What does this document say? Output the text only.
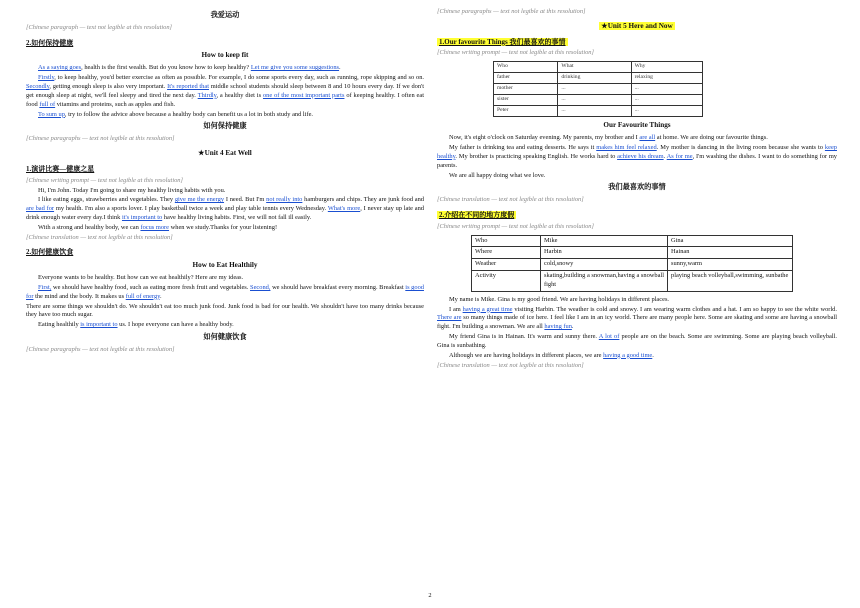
我爱运动

[Chinese paragraph — text not legible at this resolution]

2.如何保持健康
How to keep fit

As a saying goes, health is the first wealth. But do you know how to keep healthy? Let me give you some suggestions.

Firstly, to keep healthy, you'd better exercise as often as possible. For example, I do some sports every day, such as running, rope skipping and so on. Secondly, getting enough sleep is also very important. It's reported that middle school students should sleep between 8 and 10 hours every day. If we don't get enough sleep at night, we'll feel sleepy and tired the next day. Thirdly, a healthy diet is one of the most important parts of keeping healthy. I often eat food full of vitamins and proteins, such as apples and fish.

To sum up, try to follow the advice above because a healthy body can benefit us a lot in both study and life.

如何保持健康

[Chinese paragraphs — text not legible at this resolution]

★Unit 4 Eat Well
1.演讲比赛—健康之星

[Chinese writing prompt — text not legible at this resolution]

Hi, I'm John. Today I'm going to share my healthy living habits with you.

I like eating eggs, strawberries and vegetables. They give me the energy I need. But I'm not really into hamburgers and chips. They are junk food and are bad for my health. I'm also a sports lover. I play basketball twice a week and play table tennis every Wednesday. What's more, I never stay up late and drink enough water every day.I think it's important to have healthy living habits. First, we will not fall ill easily.

With a strong and healthy body, we can focus more when we study.Thanks for your listening!

[Chinese translation — text not legible at this resolution]

2.如何健康饮食
How to Eat Healthily

Everyone wants to be healthy. But how can we eat healthily? Here are my ideas.

First, we should have healthy food, such as eating more fresh fruit and vegetables. Second, we should have breakfast every morning. Breakfast is good for the mind and the body. It makes us full of energy.

There are some things we shouldn't do. We shouldn't eat too much junk food. Junk food is bad for our health. We shouldn't have too many drinks because they have too much sugar.

Eating healthily is important to us. I hope everyone can have a healthy body.

如何健康饮食

[Chinese paragraphs — text not legible at this resolution]

[Chinese paragraphs — text not legible at this resolution]

★Unit 5 Here and Now
1.Our favourite Things 我们最喜欢的事情

[Chinese writing prompt — text not legible at this resolution]

Who	What	Why
father	drinking	relaxing
mother	...	...
sister	...	...
Peter	...	...
Our Favourite Things

Now, it's eight o'clock on Saturday evening. My parents, my brother and I are all at home. We are doing our favourite things.

My father is drinking tea and eating desserts. He says it makes him feel relaxed. My mother is dancing in the living room because she wants to keep healthy. My brother is practicing speaking English. He works hard to achieve his dream. As for me, I'm washing the dishes. I want to do something for my parents.

We are all happy doing what we love.

我们最喜欢的事情

[Chinese translation — text not legible at this resolution]

2.介绍在不同的地方度假

[Chinese writing prompt — text not legible at this resolution]

Who	Mike	Gina
Where	Harbin	Hainan
Weather	cold,snowy	sunny,warm
Activity	skating,building a snowman,having a snowball fight	playing beach volleyball,swimming, sunbathe

My name is Mike. Gina is my good friend. We are having holidays in different places.

I am having a great time visiting Harbin. The weather is cold and snowy. I am wearing warm clothes and a hat. I am so happy to see the white world. There are so many things made of ice here. I feel like I am in an icy world. There are many people here. Some are skating and some are having a snowball fight. I'm building a snowman. We are all having fun.

My friend Gina is in Hainan. It's warm and sunny there. A lot of people are on the beach. Some are swimming. Some are playing beach volleyball. Gina is sunbathing.

Although we are having holidays in different places, we are having a good time.

[Chinese translation — text not legible at this resolution]

2
